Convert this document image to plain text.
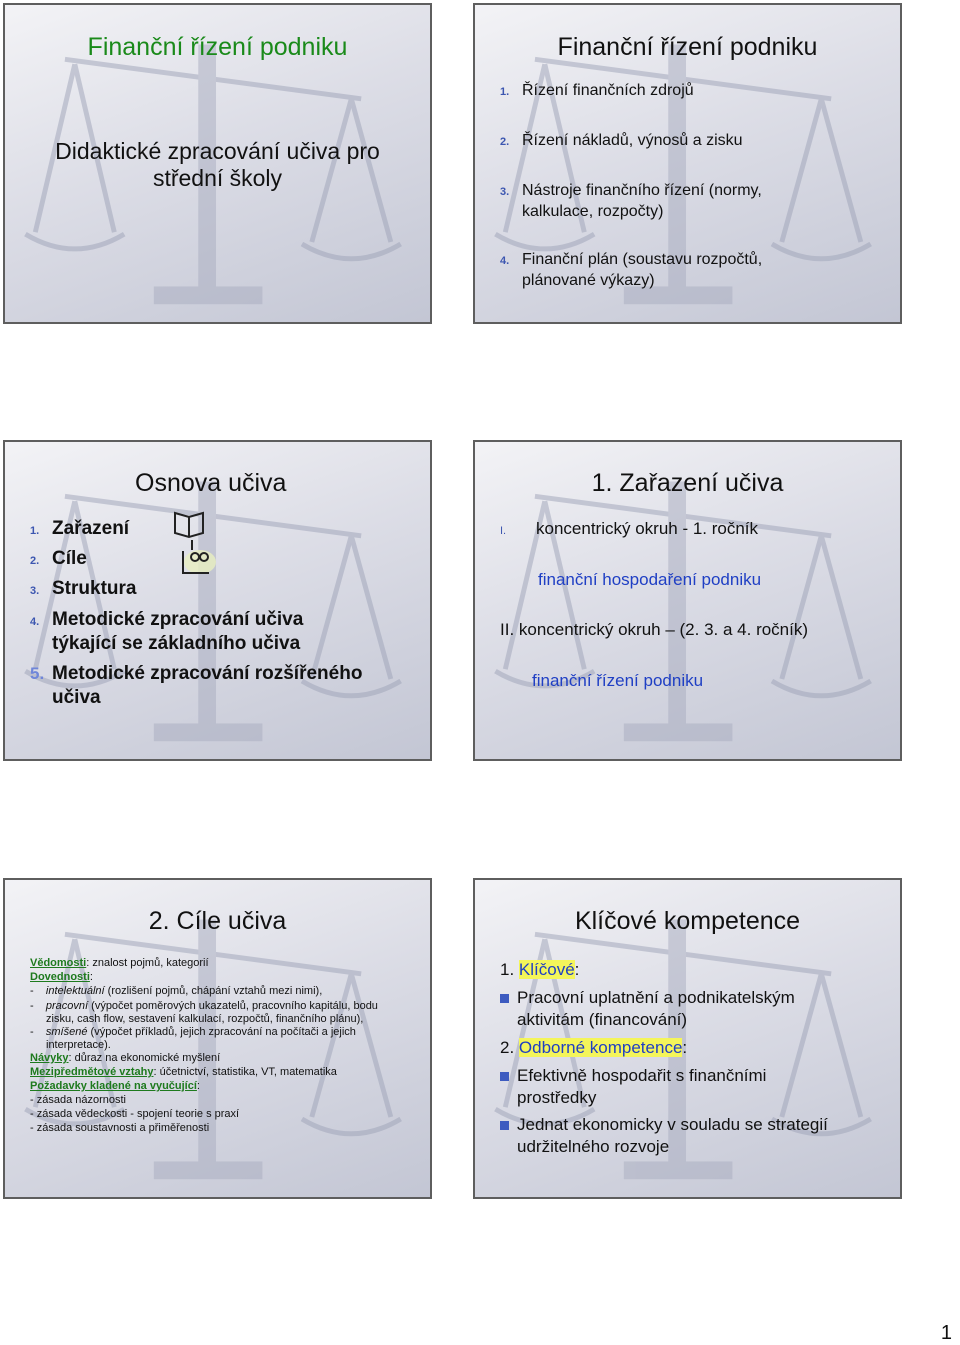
Finanční řízení podniku
Didaktické zpracování učiva pro
střední školy
Finanční řízení podniku
1. Řízení finančních zdrojů
2. Řízení nákladů, výnosů a zisku
3. Nástroje finančního řízení (normy,
kalkulace, rozpočty)
4. Finanční plán (soustavu rozpočtů,
plánované výkazy)
Osnova učiva
1. Zařazení
2. Cíle
3. Struktura
4. Metodické zpracování učiva
týkající se základního učiva
5. Metodické zpracování rozšířeného
učiva
1. Zařazení učiva
I. koncentrický okruh - 1. ročník
finanční hospodaření podniku
II. koncentrický okruh – (2. 3. a 4. ročník)
finanční řízení podniku
2. Cíle učiva
Vědomosti: znalost pojmů, kategorií
Dovednosti:
-    intelektuální (rozlišení pojmů, chápání vztahů mezi nimi),
-    pracovní (výpočet poměrových ukazatelů, pracovního kapitálu, bodu
zisku, cash flow, sestavení kalkulací, rozpočtů, finančního plánu),
-    smíšené (výpočet příkladů, jejich zpracování na počítači a jejich
interpretace).
Návyky: důraz na ekonomické myšlení
Mezipředmětové vztahy: účetnictví, statistika, VT, matematika
Požadavky kladené na vyučující:
- zásada názornosti
- zásada vědeckosti - spojení teorie s praxí
- zásada soustavnosti a přiměřenosti
Klíčové kompetence
1. Klíčové:
Pracovní uplatnění a podnikatelským
aktivitám (financování)
2. Odborné kompetence:
Efektivně hospodařit s finančními
prostředky
Jednat ekonomicky v souladu se strategií
udržitelného rozvoje
1
